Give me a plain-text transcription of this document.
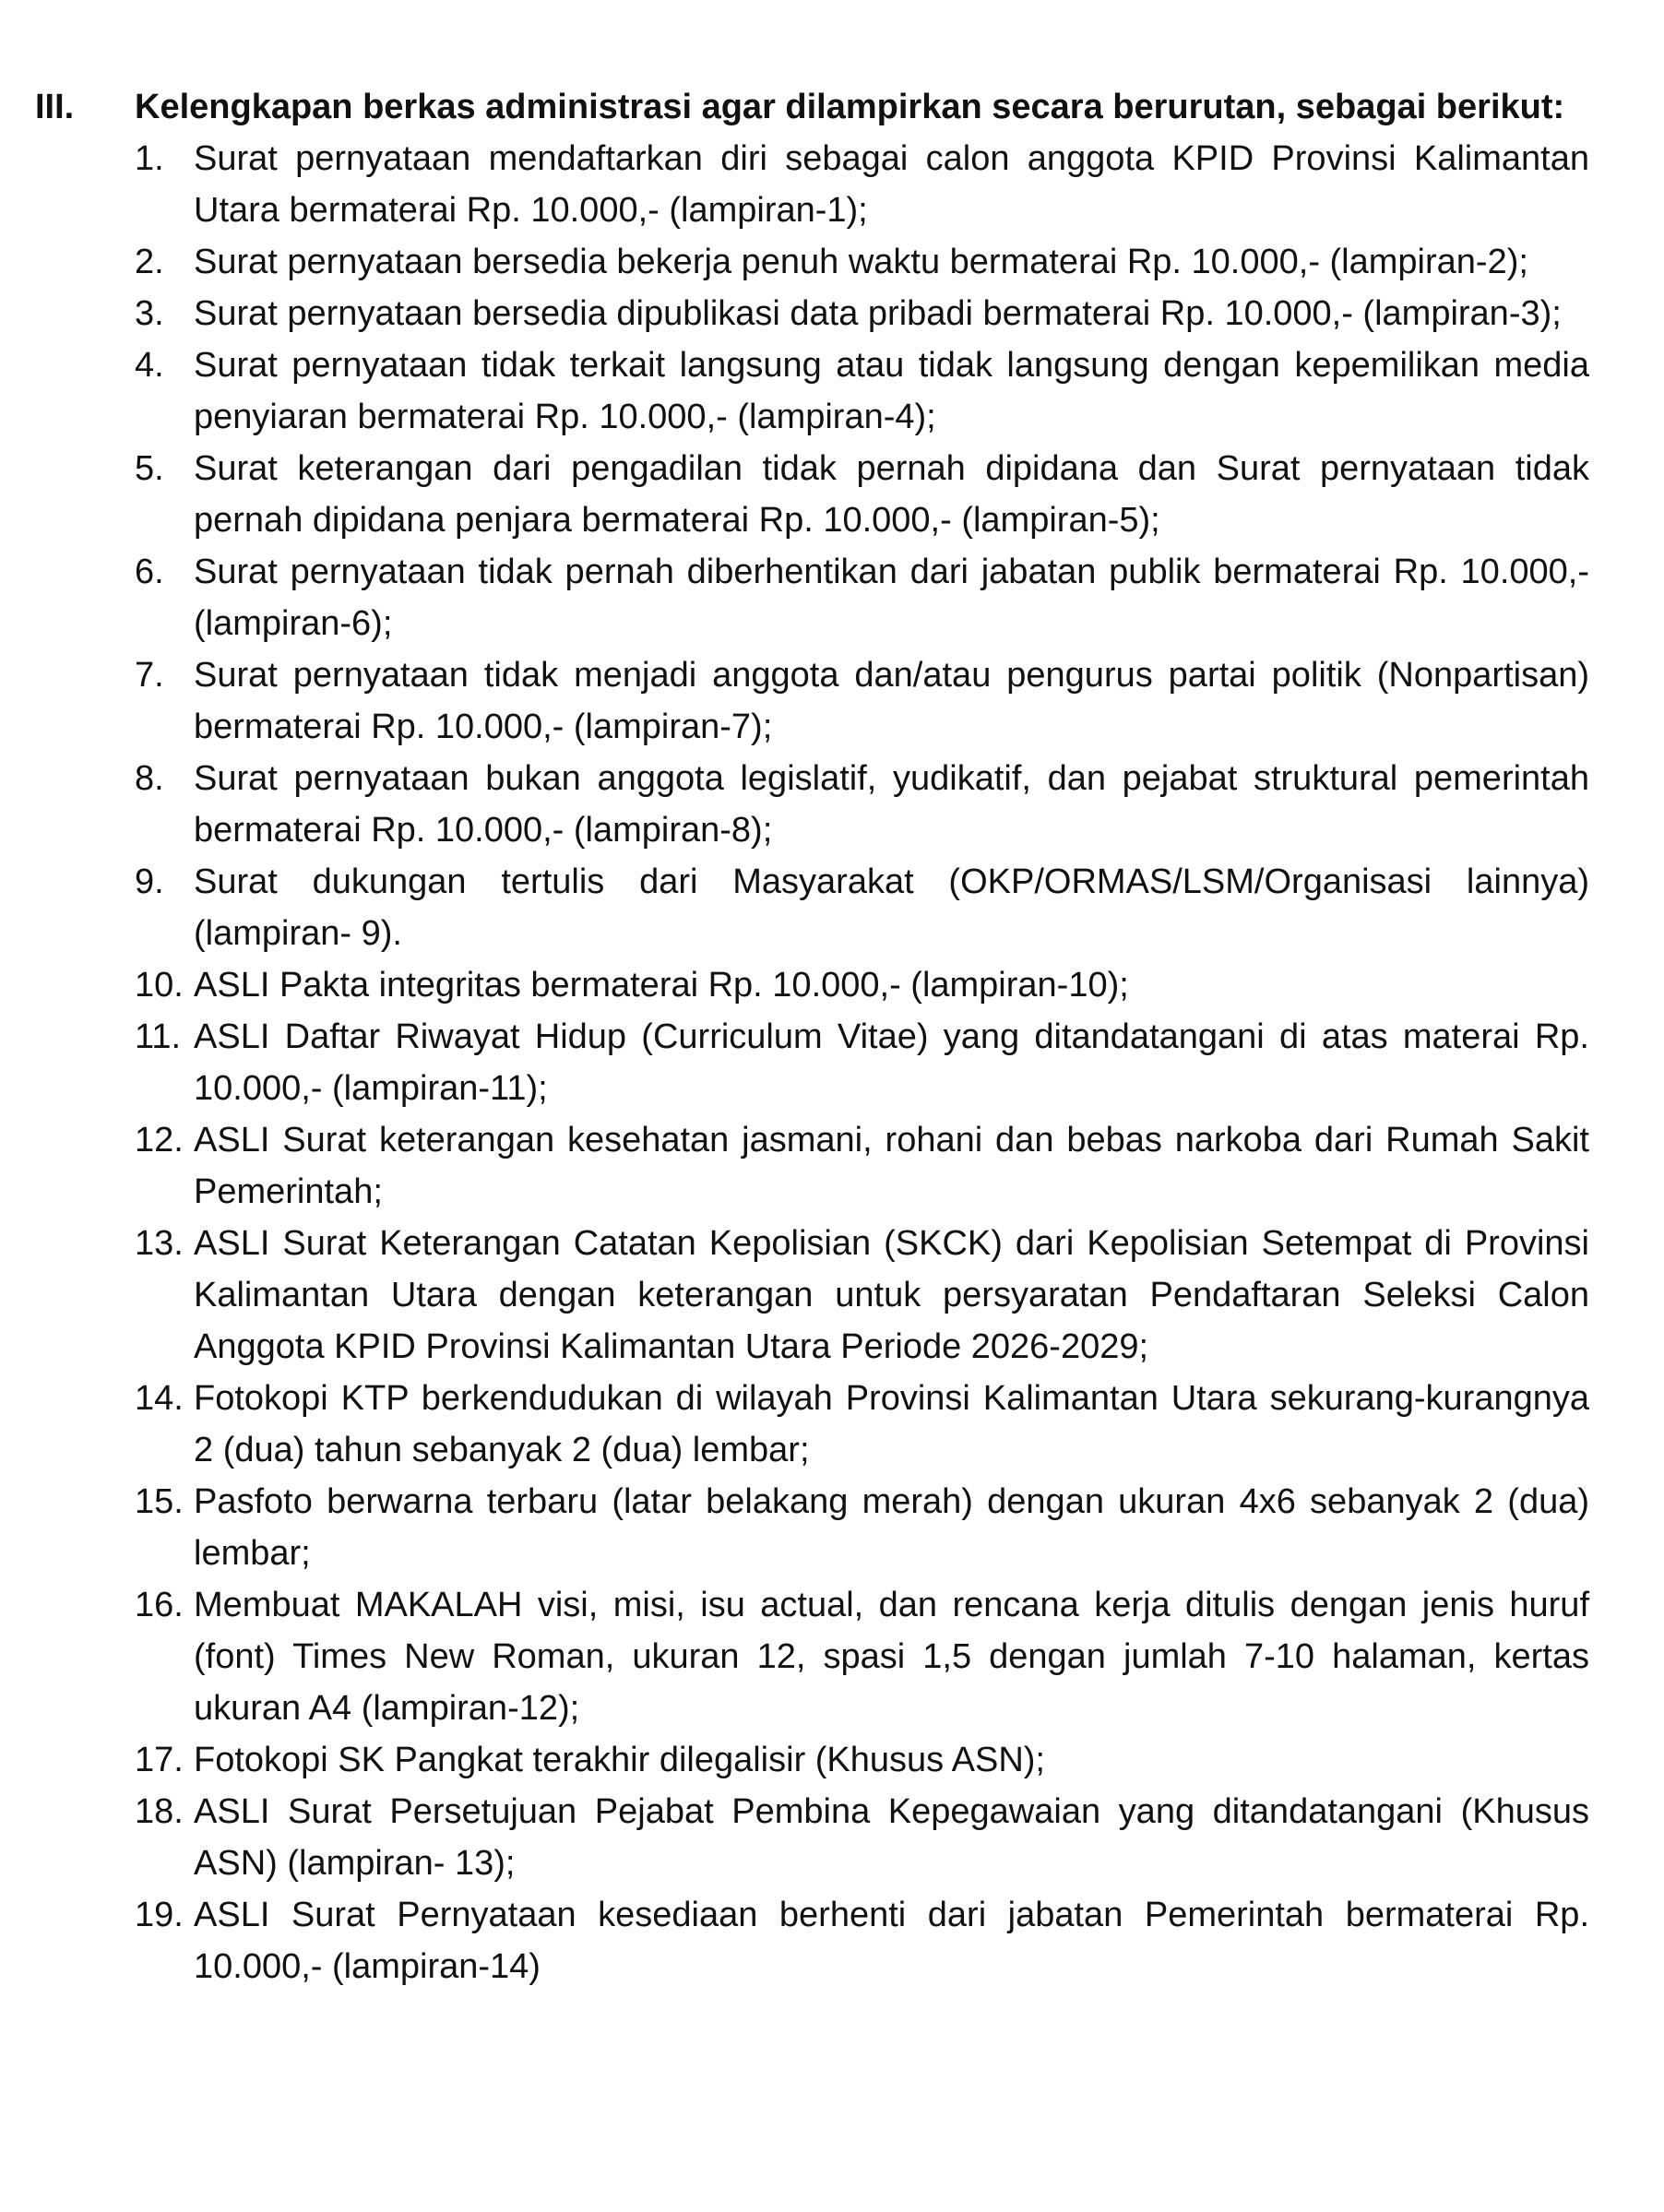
III.	Kelengkapan berkas administrasi agar dilampirkan secara berurutan, sebagai berikut:
1. Surat pernyataan mendaftarkan diri sebagai calon anggota KPID Provinsi Kalimantan Utara bermaterai Rp. 10.000,- (lampiran-1);
2. Surat pernyataan bersedia bekerja penuh waktu bermaterai Rp. 10.000,- (lampiran-2);
3. Surat pernyataan bersedia dipublikasi data pribadi bermaterai Rp. 10.000,- (lampiran-3);
4. Surat pernyataan tidak terkait langsung atau tidak langsung dengan kepemilikan media penyiaran bermaterai Rp. 10.000,- (lampiran-4);
5. Surat keterangan dari pengadilan tidak pernah dipidana dan Surat pernyataan tidak pernah dipidana penjara bermaterai Rp. 10.000,- (lampiran-5);
6. Surat pernyataan tidak pernah diberhentikan dari jabatan publik bermaterai Rp. 10.000,- (lampiran-6);
7. Surat pernyataan tidak menjadi anggota dan/atau pengurus partai politik (Nonpartisan) bermaterai Rp. 10.000,- (lampiran-7);
8. Surat pernyataan bukan anggota legislatif, yudikatif, dan pejabat struktural pemerintah bermaterai Rp. 10.000,- (lampiran-8);
9. Surat dukungan tertulis dari Masyarakat (OKP/ORMAS/LSM/Organisasi lainnya) (lampiran- 9).
10. ASLI Pakta integritas bermaterai Rp. 10.000,- (lampiran-10);
11. ASLI Daftar Riwayat Hidup (Curriculum Vitae) yang ditandatangani di atas materai Rp. 10.000,- (lampiran-11);
12. ASLI Surat keterangan kesehatan jasmani, rohani dan bebas narkoba dari Rumah Sakit Pemerintah;
13. ASLI Surat Keterangan Catatan Kepolisian (SKCK) dari Kepolisian Setempat di Provinsi Kalimantan Utara dengan keterangan untuk persyaratan Pendaftaran Seleksi Calon Anggota KPID Provinsi Kalimantan Utara Periode 2026-2029;
14. Fotokopi KTP berkendudukan di wilayah Provinsi Kalimantan Utara sekurang-kurangnya 2 (dua) tahun sebanyak 2 (dua) lembar;
15. Pasfoto berwarna terbaru (latar belakang merah) dengan ukuran 4x6 sebanyak 2 (dua) lembar;
16. Membuat MAKALAH visi, misi, isu actual, dan rencana kerja ditulis dengan jenis huruf (font) Times New Roman, ukuran 12, spasi 1,5 dengan jumlah 7-10 halaman, kertas ukuran A4 (lampiran-12);
17. Fotokopi SK Pangkat terakhir dilegalisir (Khusus ASN);
18. ASLI Surat Persetujuan Pejabat Pembina Kepegawaian yang ditandatangani (Khusus ASN) (lampiran- 13);
19. ASLI Surat Pernyataan kesediaan berhenti dari jabatan Pemerintah bermaterai Rp. 10.000,- (lampiran-14)
